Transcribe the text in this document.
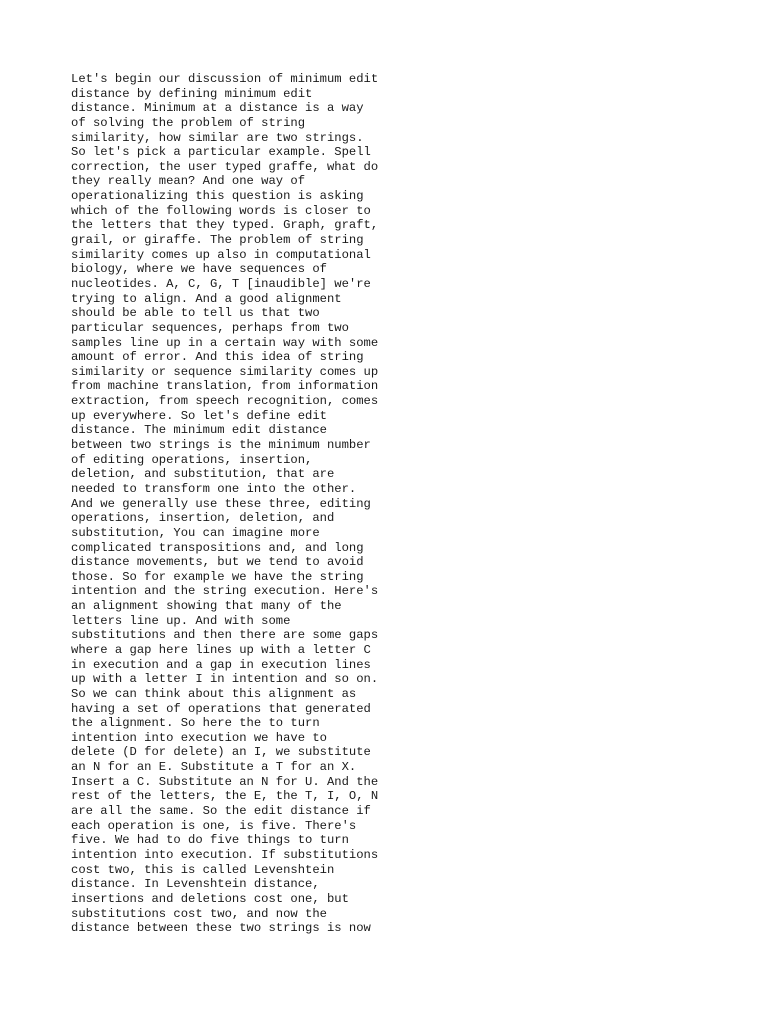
Let's begin our discussion of minimum edit
distance by defining minimum edit
distance. Minimum at a distance is a way
of solving the problem of string
similarity, how similar are two strings.
So let's pick a particular example. Spell
correction, the user typed graffe, what do
they really mean? And one way of
operationalizing this question is asking
which of the following words is closer to
the letters that they typed. Graph, graft,
grail, or giraffe. The problem of string
similarity comes up also in computational
biology, where we have sequences of
nucleotides. A, C, G, T [inaudible] we're
trying to align. And a good alignment
should be able to tell us that two
particular sequences, perhaps from two
samples line up in a certain way with some
amount of error. And this idea of string
similarity or sequence similarity comes up
from machine translation, from information
extraction, from speech recognition, comes
up everywhere. So let's define edit
distance. The minimum edit distance
between two strings is the minimum number
of editing operations, insertion,
deletion, and substitution, that are
needed to transform one into the other.
And we generally use these three, editing
operations, insertion, deletion, and
substitution, You can imagine more
complicated transpositions and, and long
distance movements, but we tend to avoid
those. So for example we have the string
intention and the string execution. Here's
an alignment showing that many of the
letters line up. And with some
substitutions and then there are some gaps
where a gap here lines up with a letter C
in execution and a gap in execution lines
up with a letter I in intention and so on.
So we can think about this alignment as
having a set of operations that generated
the alignment. So here the to turn
intention into execution we have to
delete (D for delete) an I, we substitute
an N for an E. Substitute a T for an X.
Insert a C. Substitute an N for U. And the
rest of the letters, the E, the T, I, O, N
are all the same. So the edit distance if
each operation is one, is five. There's
five. We had to do five things to turn
intention into execution. If substitutions
cost two, this is called Levenshtein
distance. In Levenshtein distance,
insertions and deletions cost one, but
substitutions cost two, and now the
distance between these two strings is now
